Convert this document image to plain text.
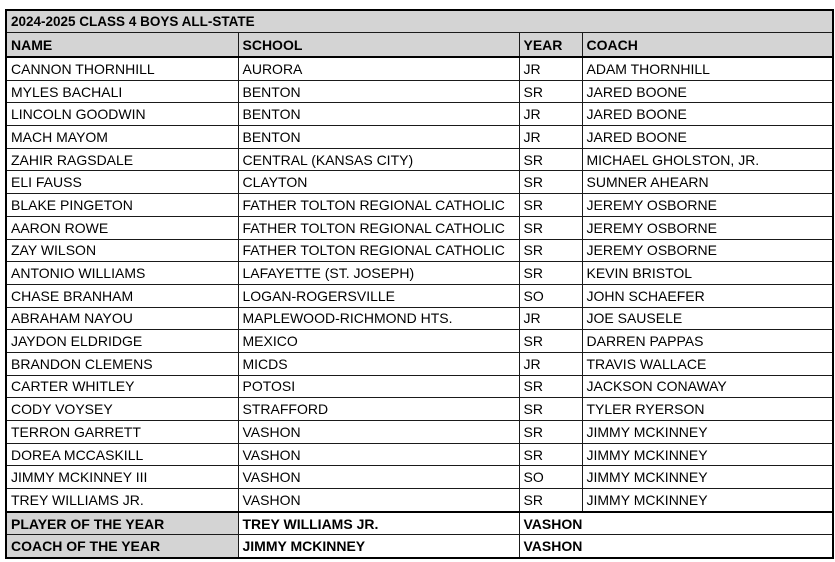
2024-2025 CLASS 4 BOYS ALL-STATE			
NAME	SCHOOL	YEAR	COACH
CANNON THORNHILL	AURORA	JR	ADAM THORNHILL
MYLES BACHALI	BENTON	SR	JARED BOONE
LINCOLN GOODWIN	BENTON	JR	JARED BOONE
MACH MAYOM	BENTON	JR	JARED BOONE
ZAHIR RAGSDALE	CENTRAL (KANSAS CITY)	SR	MICHAEL GHOLSTON, JR.
ELI FAUSS	CLAYTON	SR	SUMNER AHEARN
BLAKE PINGETON	FATHER TOLTON REGIONAL CATHOLIC	SR	JEREMY OSBORNE
AARON ROWE	FATHER TOLTON REGIONAL CATHOLIC	SR	JEREMY OSBORNE
ZAY WILSON	FATHER TOLTON REGIONAL CATHOLIC	SR	JEREMY OSBORNE
ANTONIO WILLIAMS	LAFAYETTE (ST. JOSEPH)	SR	KEVIN BRISTOL
CHASE BRANHAM	LOGAN-ROGERSVILLE	SO	JOHN SCHAEFER
ABRAHAM NAYOU	MAPLEWOOD-RICHMOND HTS.	JR	JOE SAUSELE
JAYDON ELDRIDGE	MEXICO	SR	DARREN PAPPAS
BRANDON CLEMENS	MICDS	JR	TRAVIS WALLACE
CARTER WHITLEY	POTOSI	SR	JACKSON CONAWAY
CODY VOYSEY	STRAFFORD	SR	TYLER RYERSON
TERRON GARRETT	VASHON	SR	JIMMY MCKINNEY
DOREA MCCASKILL	VASHON	SR	JIMMY MCKINNEY
JIMMY MCKINNEY III	VASHON	SO	JIMMY MCKINNEY
TREY WILLIAMS JR.	VASHON	SR	JIMMY MCKINNEY
PLAYER OF THE YEAR	TREY WILLIAMS JR.	VASHON	
COACH OF THE YEAR	JIMMY MCKINNEY	VASHON	
